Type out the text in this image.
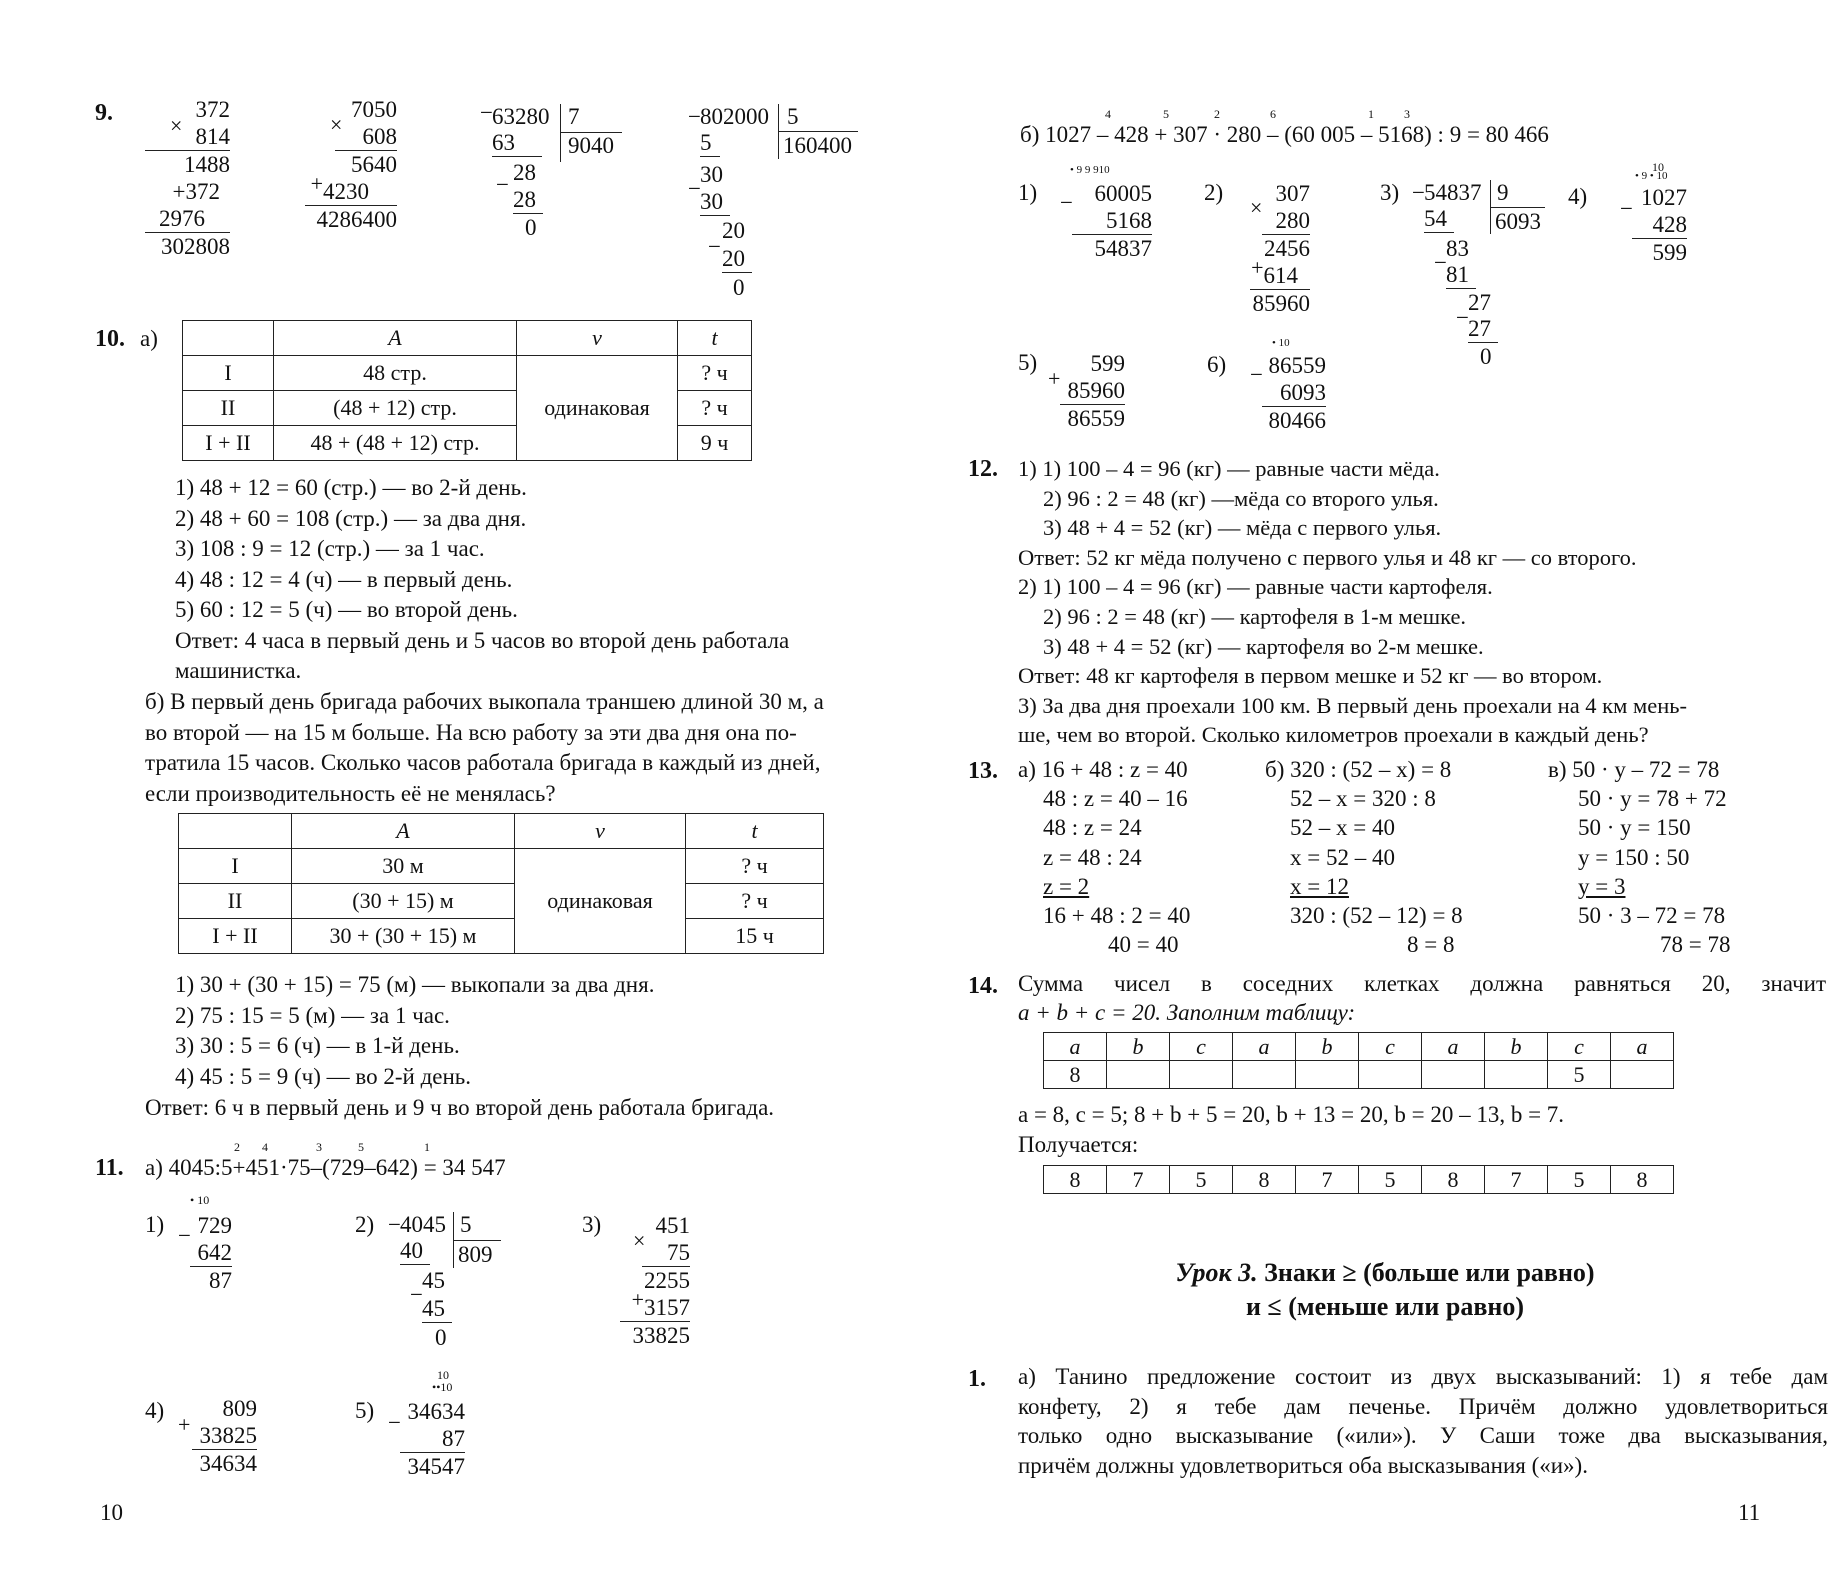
9.	×
372
814
1488
+372
2976
302808
×
7050
608
5640
+4230
4286400
− 63280 7
9040
63
28
−
28
0
− 802000 5
160400
5
30
−
30
20
− 20
0
10. а)
		A	v	t
I	48 стр.	одинаковая	? ч
II	(48 + 12) стр.		? ч
I + II	48 + (48 + 12) стр.		9 ч
1) 48 + 12 = 60 (стр.) — во 2-й день.
2) 48 + 60 = 108 (стр.) — за два дня.
3) 108 : 9 = 12 (стр.) — за 1 час.
4) 48 : 12 = 4 (ч) — в первый день.
5) 60 : 12 = 5 (ч) — во второй день.
Ответ: 4 часа в первый день и 5 часов во второй день работала
машинистка.
б) В первый день бригада рабочих выкопала траншею длиной 30 м, а
во второй — на 15 м больше. На всю работу за эти два дня она по-
тратила 15 часов. Сколько часов работала бригада в каждый из дней,
если производительность её не менялась?
	A	v	t
I	30 м	одинаковая	? ч
II	(30 + 15) м		? ч
I + II	30 + (30 + 15) м		15 ч
1) 30 + (30 + 15) = 75 (м) — выкопали за два дня.
2) 75 : 15 = 5 (м) — за 1 час.
3) 30 : 5 = 6 (ч) — в 1-й день.
4) 45 : 5 = 9 (ч) — во 2-й день.
Ответ: 6 ч в первый день и 9 ч во второй день работала бригада.
11.
2 4	3	5	1
а) 4045:5+451·75–(729–642) = 34 547
1)
• 10
− 729
642
87
2) − 4045 5
809
40
45
−
45
0
3)
×
451
75
2255
+3157
33825
4)
+
809
33825
34634
5)
10
••10
− 34634
87
34547
10
4	5	2	6	1	3
б) 1027 – 428 + 307 · 280 – (60 005 – 5168) : 9 = 80 466
1)
• 9 9 910
− 60005
5168
54837
2)
×
307
280
2456
+614
85960
3) − 54837 9
6093
54
83
− 81
27
− 27
0
4)
10
• 9 • 10
− 1027
428
599
5)
+
599
85960
86559
6)
• 10
− 86559
6093
80466
12. 1) 1) 100 – 4 = 96 (кг) — равные части мёда.
2) 96 : 2 = 48 (кг) —мёда со второго улья.
3) 48 + 4 = 52 (кг) — мёда с первого улья.
Ответ: 52 кг мёда получено с первого улья и 48 кг — со второго.
2) 1) 100 – 4 = 96 (кг) — равные части картофеля.
2) 96 : 2 = 48 (кг) — картофеля в 1-м мешке.
3) 48 + 4 = 52 (кг) — картофеля во 2-м мешке.
Ответ: 48 кг картофеля в первом мешке и 52 кг — во втором.
3) За два дня проехали 100 км. В первый день проехали на 4 км мень-
ше, чем во второй. Сколько километров проехали в каждый день?
13. а) 16 + 48 : z = 40
48 : z = 40 – 16
48 : z = 24
z = 48 : 24
z = 2
16 + 48 : 2 = 40
40 = 40
б) 320 : (52 – x) = 8
52 – x = 320 : 8
52 – x = 40
x = 52 – 40
x = 12
320 : (52 – 12) = 8
8 = 8
в) 50 · y – 72 = 78
50 · y = 78 + 72
50 · y = 150
y = 150 : 50
y = 3
50 · 3 – 72 = 78
78 = 78
14. Сумма чисел в соседних клетках должна равняться 20, значит
a + b + c = 20. Заполним таблицу:
a	b	c	a	b	c	a	b	c	a
8								5	
a = 8, c = 5; 8 + b + 5 = 20, b + 13 = 20, b = 20 – 13, b = 7.
Получается:
8	7	5	8	7	5	8	7	5	8
Урок 3. Знаки ≥ (больше или равно)
и ≤ (меньше или равно)
1. а) Танино предложение состоит из двух высказываний: 1) я тебе дам
конфету, 2) я тебе дам печенье. Причём должно удовлетвориться
только одно высказывание («или»). У Саши тоже два высказывания,
причём должны удовлетвориться оба высказывания («и»).
11
